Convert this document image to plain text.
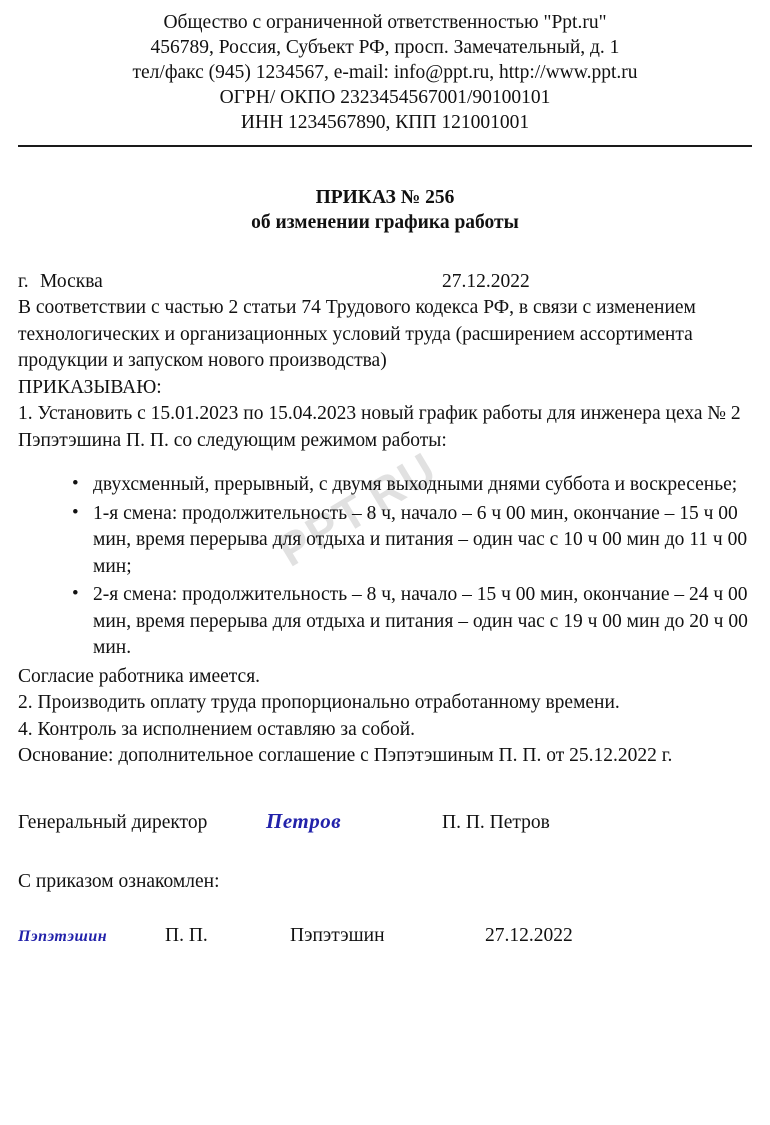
PPT.RU
Общество с ограниченной ответственностью "Ppt.ru"
456789, Россия, Субъект РФ, просп. Замечательный, д. 1
тел/факс (945) 1234567, e-mail: info@ppt.ru, http://www.ppt.ru
ОГРН/ ОКПО 2323454567001/90100101
ИНН 1234567890, КПП 121001001
ПРИКАЗ № 256
об изменении графика работы
г. Москва	27.12.2022

В соответствии с частью 2 статьи 74 Трудового кодекса РФ, в связи с изменением технологических и организационных условий труда (расширением ассортимента продукции и запуском нового производства)

ПРИКАЗЫВАЮ:

1. Установить с 15.01.2023 по 15.04.2023 новый график работы для инженера цеха № 2 Пэпэтэшина П. П. со следующим режимом работы:

• двухсменный, прерывный, с двумя выходными днями суббота и воскресенье;
• 1-я смена: продолжительность – 8 ч, начало – 6 ч 00 мин, окончание – 15 ч 00 мин, время перерыва для отдыха и питания – один час с 10 ч 00 мин до 11 ч 00 мин;
• 2-я смена: продолжительность – 8 ч, начало – 15 ч 00 мин, окончание – 24 ч 00 мин, время перерыва для отдыха и питания – один час с 19 ч 00 мин до 20 ч 00 мин.

Согласие работника имеется.

2. Производить оплату труда пропорционально отработанному времени.

4. Контроль за исполнением оставляю за собой.

Основание: дополнительное соглашение с Пэпэтэшиным П. П. от 25.12.2022 г.

Генеральный директор	Петров	П. П. Петров

С приказом ознакомлен:

Пэпэтэшин	П. П.	Пэпэтэшин	27.12.2022
